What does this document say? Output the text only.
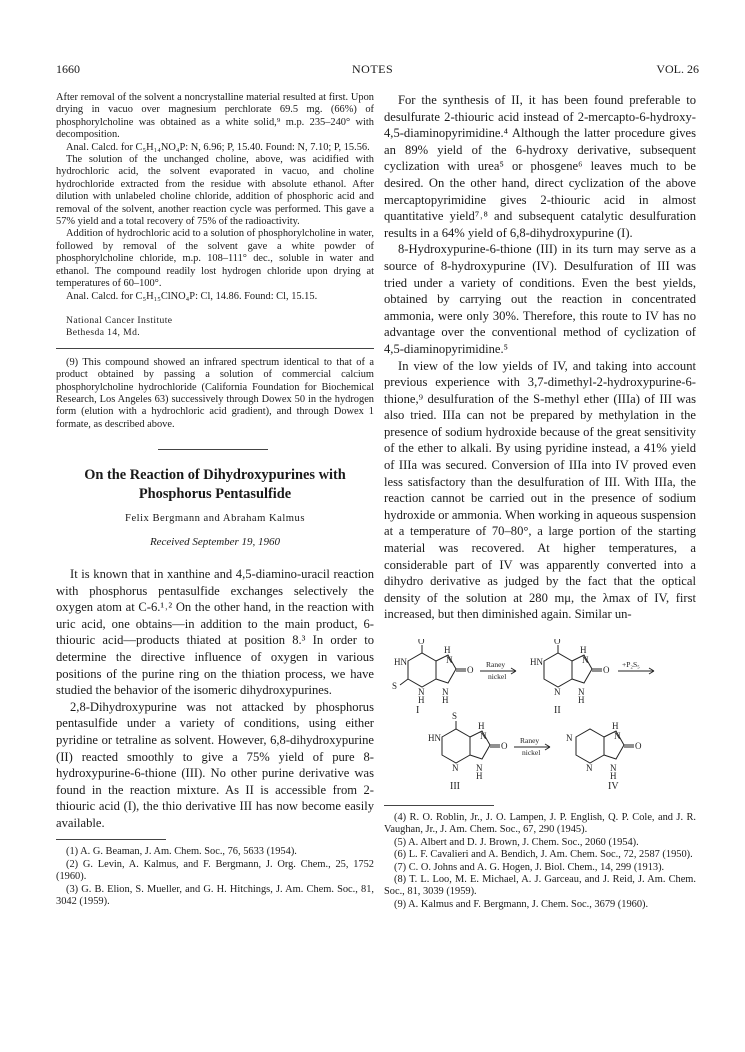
1660	NOTES	VOL. 26

After removal of the solvent a noncrystalline material resulted at first. Upon drying in vacuo over magnesium perchlorate 69.5 mg. (66%) of phosphorylcholine was obtained as a white solid,⁹ m.p. 235–240° with decomposition.

Anal. Calcd. for C₅H₁₄NO₄P: N, 6.96; P, 15.40. Found: N, 7.10; P, 15.56.

The solution of the unchanged choline, above, was acidified with hydrochloric acid, the solvent evaporated in vacuo, and choline hydrochloride extracted from the residue with absolute ethanol. After dilution with unlabeled choline chloride, addition of phosphoric acid and removal of the solvent, another reaction cycle was performed. This gave a 57% yield and a total recovery of 75% of the radioactivity.

Addition of hydrochloric acid to a solution of phosphorylcholine in water, followed by removal of the solvent gave a white powder of phosphorylcholine chloride, m.p. 108–111° dec., soluble in water and ethanol. The compound readily lost hydrogen chloride upon drying at temperatures of 60–100°.

Anal. Calcd. for C₅H₁₅ClNO₄P: Cl, 14.86. Found: Cl, 15.15.

National Cancer Institute

Bethesda 14, Md.

(9) This compound showed an infrared spectrum identical to that of a product obtained by passing a solution of commercial calcium phosphorylcholine hydrochloride (California Foundation for Biochemical Research, Los Angeles 63) successively through Dowex 50 in the hydrogen form (elution with a hydrochloric acid gradient), and through Dowex 1 formate, as described above.

On the Reaction of Dihydroxypurines with Phosphorus Pentasulfide
Felix Bergmann and Abraham Kalmus
Received September 19, 1960

It is known that in xanthine and 4,5-diamino-uracil reaction with phosphorus pentasulfide exchanges selectively the oxygen atom at C-6.¹˒² On the other hand, in the reaction with uric acid, one obtains—in addition to the main product, 6-thiouric acid—products thiated at position 8.³ In order to determine the directive influence of oxygen in various positions of the purine ring on the thiation process, we have studied the behavior of the isomeric dihydroxypurines.

2,8-Dihydroxypurine was not attacked by phosphorus pentasulfide under a variety of conditions, using either pyridine or tetraline as solvent. However, 6,8-dihydroxypurine (II) reacted smoothly to give a 75% yield of pure 8-hydroxypurine-6-thione (III). No other purine derivative was found in the reaction mixture. As II is accessible from 2-thiouric acid (I), the thio derivative III has now become easily available.

(1) A. G. Beaman, J. Am. Chem. Soc., 76, 5633 (1954).

(2) G. Levin, A. Kalmus, and F. Bergmann, J. Org. Chem., 25, 1752 (1960).

(3) G. B. Elion, S. Mueller, and G. H. Hitchings, J. Am. Chem. Soc., 81, 3042 (1959).

For the synthesis of II, it has been found preferable to desulfurate 2-thiouric acid instead of 2-mercapto-6-hydroxy-4,5-diaminopyrimidine.⁴ Although the latter procedure gives an 89% yield of the 6-hydroxy derivative, subsequent cyclization with urea⁵ or phosgene⁶ leaves much to be desired. On the other hand, direct cyclization of the above mercaptopyrimidine gives 2-thiouric acid in almost quantitative yield⁷˒⁸ and subsequent catalytic desulfuration results in a 64% yield of 6,8-dihydroxypurine (I).

8-Hydroxypurine-6-thione (III) in its turn may serve as a source of 8-hydroxypurine (IV). Desulfuration of III was tried under a variety of conditions. Even the best yields, obtained by carrying out the reaction in concentrated ammonia, were only 30%. Therefore, this route to IV has no advantage over the conventional method of cyclization of 4,5-diaminopyrimidine.⁵

In view of the low yields of IV, and taking into account previous experience with 3,7-dimethyl-2-hydroxypurine-6-thione,⁹ desulfuration of the S-methyl ether (IIIa) of III was also tried. IIIa can not be prepared by methylation in the presence of sodium hydroxide because of the great sensitivity of the ether to alkali. By using pyridine instead, a 41% yield of IIIa was secured. Conversion of IIIa into IV proved even less satisfactory than the desulfuration of III. With IIIa, the reaction cannot be carried out in the presence of sodium hydroxide or ammonia. When working in aqueous suspension at a temperature of 70–80°, a large portion of the starting material was recovered. At higher temperatures, a considerable part of IV was apparently converted into a dihydro derivative as judged by the fact that the optical density of the solution at 280 mμ, the λmax of IV, first increased, but then diminished again. Similar un-

O
HN
H
N
O
S
N N
H H
I
Raney
nickel
O
HN
H
N
O
N N
H
II
+P₂S₅
S
HN
H
N
O
N N
H
III
Raney
nickel
N
H
N
O
N N
H
IV

(4) R. O. Roblin, Jr., J. O. Lampen, J. P. English, Q. P. Cole, and J. R. Vaughan, Jr., J. Am. Chem. Soc., 67, 290 (1945).

(5) A. Albert and D. J. Brown, J. Chem. Soc., 2060 (1954).

(6) L. F. Cavalieri and A. Bendich, J. Am. Chem. Soc., 72, 2587 (1950).

(7) C. O. Johns and A. G. Hogen, J. Biol. Chem., 14, 299 (1913).

(8) T. L. Loo, M. E. Michael, A. J. Garceau, and J. Reid, J. Am. Chem. Soc., 81, 3039 (1959).

(9) A. Kalmus and F. Bergmann, J. Chem. Soc., 3679 (1960).
